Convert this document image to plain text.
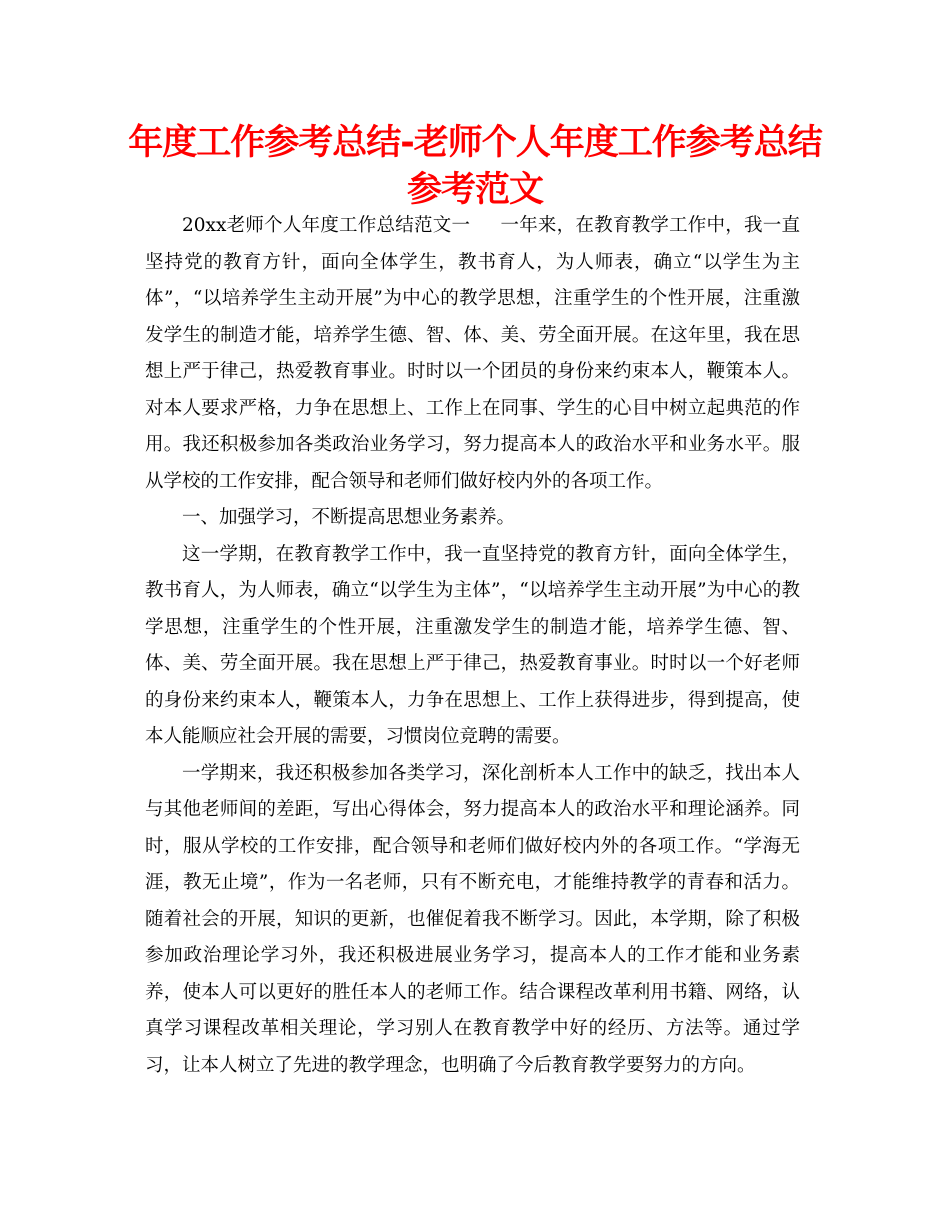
年度工作参考总结-老师个人年度工作参考总结参考范文

20xx老师个人年度工作总结范文一 一年来，在教育教学工作中，我一直坚持党的教育方针，面向全体学生，教书育人，为人师表，确立“以学生为主体”，“以培养学生主动开展”为中心的教学思想，注重学生的个性开展，注重激发学生的制造才能，培养学生德、智、体、美、劳全面开展。在这年里，我在思想上严于律己，热爱教育事业。时时以一个团员的身份来约束本人，鞭策本人。对本人要求严格，力争在思想上、工作上在同事、学生的心目中树立起典范的作用。我还积极参加各类政治业务学习，努力提高本人的政治水平和业务水平。服从学校的工作安排，配合领导和老师们做好校内外的各项工作。

一、加强学习，不断提高思想业务素养。

这一学期，在教育教学工作中，我一直坚持党的教育方针，面向全体学生，教书育人，为人师表，确立“以学生为主体”，“以培养学生主动开展”为中心的教学思想，注重学生的个性开展，注重激发学生的制造才能，培养学生德、智、体、美、劳全面开展。我在思想上严于律己，热爱教育事业。时时以一个好老师的身份来约束本人，鞭策本人，力争在思想上、工作上获得进步，得到提高，使本人能顺应社会开展的需要，习惯岗位竞聘的需要。

一学期来，我还积极参加各类学习，深化剖析本人工作中的缺乏，找出本人与其他老师间的差距，写出心得体会，努力提高本人的政治水平和理论涵养。同时，服从学校的工作安排，配合领导和老师们做好校内外的各项工作。“学海无涯，教无止境”，作为一名老师，只有不断充电，才能维持教学的青春和活力。随着社会的开展，知识的更新，也催促着我不断学习。因此，本学期，除了积极参加政治理论学习外，我还积极进展业务学习，提高本人的工作才能和业务素养，使本人可以更好的胜任本人的老师工作。结合课程改革利用书籍、网络，认真学习课程改革相关理论，学习别人在教育教学中好的经历、方法等。通过学习，让本人树立了先进的教学理念，也明确了今后教育教学要努力的方向。
